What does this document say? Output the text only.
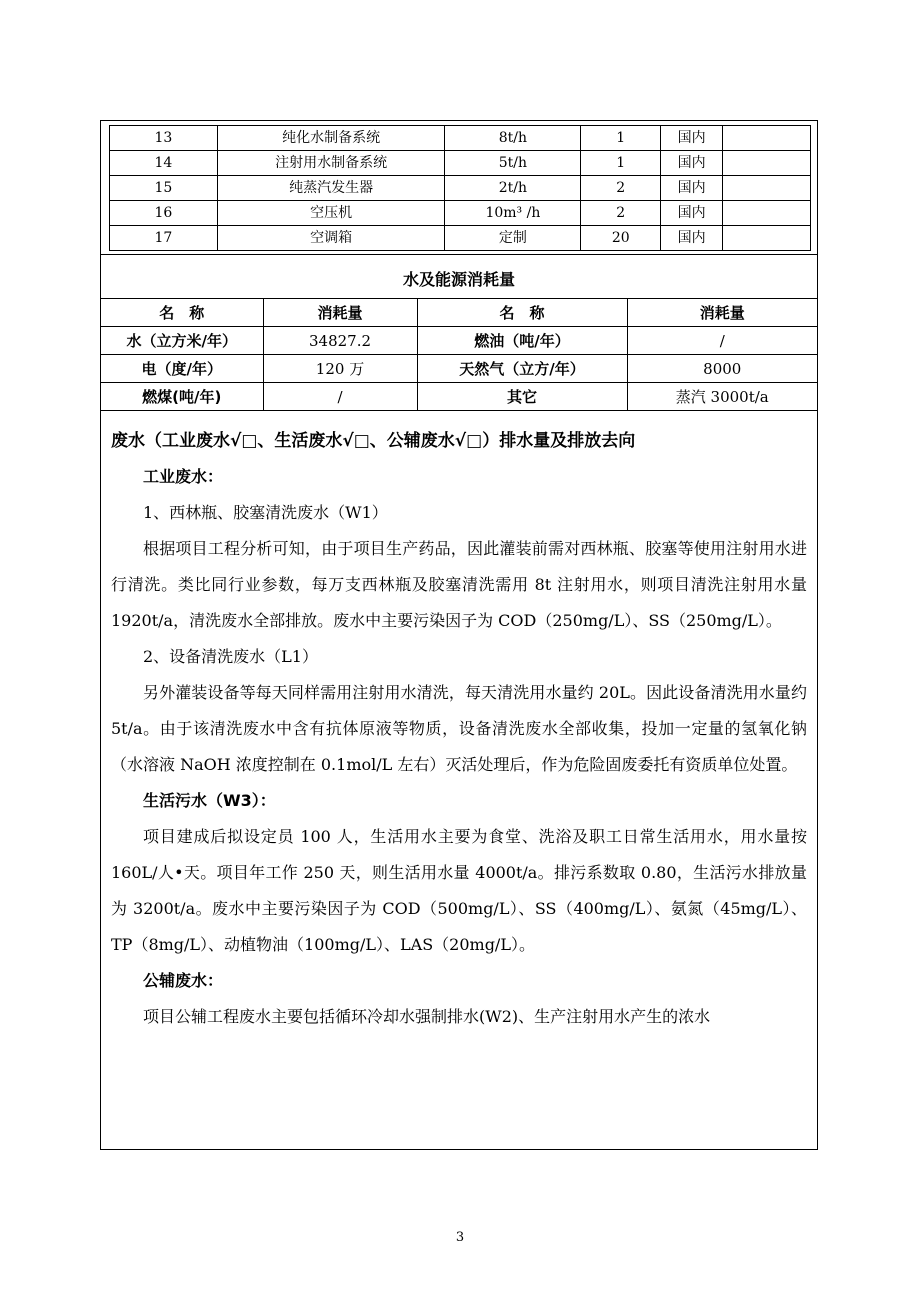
13	纯化水制备系统	8t/h	1	国内	
14	注射用水制备系统	5t/h	1	国内	
15	纯蒸汽发生器	2t/h	2	国内	
16	空压机	10m³ /h	2	国内	
17	空调箱	定制	20	国内	
水及能源消耗量
名　称	消耗量	名　称	消耗量
水（立方米/年）	34827.2	燃油（吨/年）	/
电（度/年）	120 万	天然气（立方/年）	8000
燃煤(吨/年)	/	其它	蒸汽 3000t/a

废水（工业废水√□、生活废水√□、公辅废水√□）排水量及排放去向

工业废水：

1、西林瓶、胶塞清洗废水（W1）

根据项目工程分析可知，由于项目生产药品，因此灌装前需对西林瓶、胶塞等使用注射用水进行清洗。类比同行业参数，每万支西林瓶及胶塞清洗需用 8t 注射用水，则项目清洗注射用水量 1920t/a，清洗废水全部排放。废水中主要污染因子为 COD（250mg/L）、SS（250mg/L）。

2、设备清洗废水（L1）

另外灌装设备等每天同样需用注射用水清洗，每天清洗用水量约 20L。因此设备清洗用水量约 5t/a。由于该清洗废水中含有抗体原液等物质，设备清洗废水全部收集，投加一定量的氢氧化钠（水溶液 NaOH 浓度控制在 0.1mol/L 左右）灭活处理后，作为危险固废委托有资质单位处置。

生活污水（W3）：

项目建成后拟设定员 100 人，生活用水主要为食堂、洗浴及职工日常生活用水，用水量按 160L/人•天。项目年工作 250 天，则生活用水量 4000t/a。排污系数取 0.80，生活污水排放量为 3200t/a。废水中主要污染因子为 COD（500mg/L）、SS（400mg/L）、氨氮（45mg/L）、TP（8mg/L）、动植物油（100mg/L）、LAS（20mg/L）。

公辅废水：

项目公辅工程废水主要包括循环冷却水强制排水(W2)、生产注射用水产生的浓水

3
